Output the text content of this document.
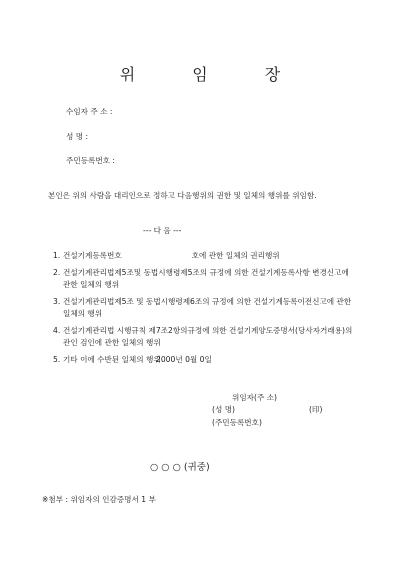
위 임 장
수임자 주 소 :
성 명 :
주민등록번호 :
본인은 위의 사람을 대리인으로 정하고 다음행위의 권한 및 일체의 행위를 위임함.
--- 다 음 ---
1. 건설기계등록번호	호에 관한 일체의 권리행위
2. 건설기계관리법제5조및 동법시행령제5조의 규정에 의한 건설기계등록사항 변경신고에 관한 일체의 행위
3. 건설기계관리법제5조 및 동법시행령제6조의 규정에 의한 건설기계등록이전신고에 관한 일체의 행위
4. 건설기계관리법 시행규칙 제7조2항의규정에 의한 건설기계양도증명서(당사자거래용)의 관인 검인에 관한 일체의 행위
5. 기타 이에 수반된 일체의 행위
2000년 0월 0일
위임자(주 소)
(성 명)	(印)
(주민등록번호)
○ ○ ○ (귀중)
※첨부 : 위임자의 인감증명서 1 부
